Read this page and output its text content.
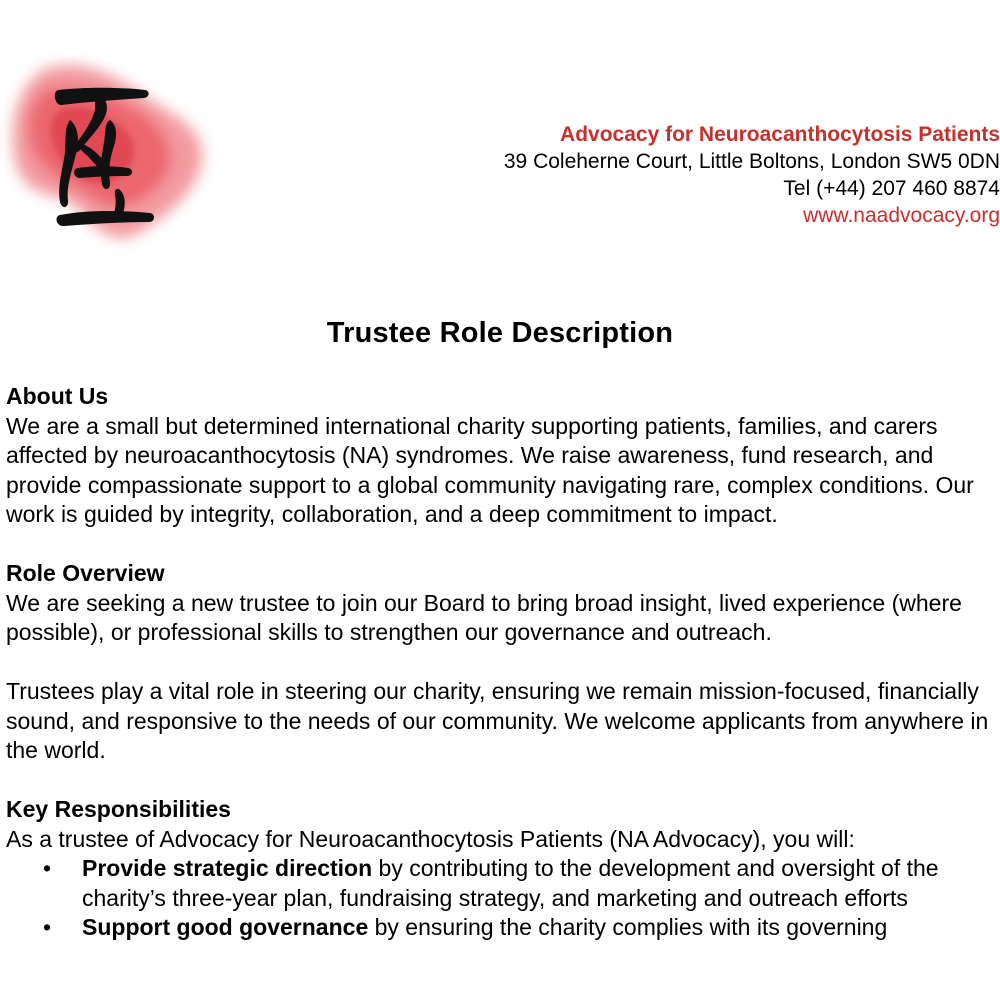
Advocacy for Neuroacanthocytosis Patients
39 Coleherne Court, Little Boltons, London SW5 0DN
Tel (+44) 207 460 8874
www.naadvocacy.org
Trustee Role Description
About Us

We are a small but determined international charity supporting patients, families, and carers affected by neuroacanthocytosis (NA) syndromes. We raise awareness, fund research, and provide compassionate support to a global community navigating rare, complex conditions. Our work is guided by integrity, collaboration, and a deep commitment to impact.

Role Overview

We are seeking a new trustee to join our Board to bring broad insight, lived experience (where possible), or professional skills to strengthen our governance and outreach.

Trustees play a vital role in steering our charity, ensuring we remain mission-focused, financially sound, and responsive to the needs of our community. We welcome applicants from anywhere in the world.

Key Responsibilities

As a trustee of Advocacy for Neuroacanthocytosis Patients (NA Advocacy), you will:

• Provide strategic direction by contributing to the development and oversight of the charity’s three-year plan, fundraising strategy, and marketing and outreach efforts
• Support good governance by ensuring the charity complies with its governing
